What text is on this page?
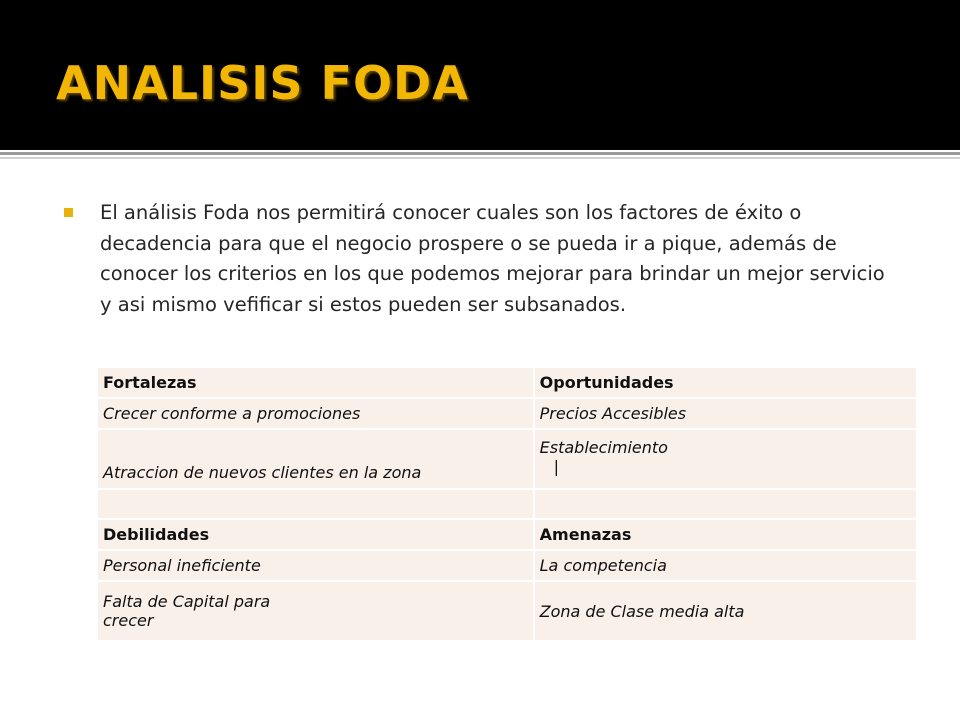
ANALISIS FODA
El análisis Foda nos permitirá conocer cuales son los factores de éxito o decadencia para que el negocio prospere o se pueda ir a pique, además de conocer los criterios en los que podemos mejorar para brindar un mejor servicio y asi mismo vefificar si estos pueden ser subsanados.
Fortalezas	Oportunidades
Crecer conforme a promociones	Precios Accesibles
Atraccion de nuevos clientes en la zona	Establecimiento
|

Debilidades	Amenazas
Personal ineficiente	La competencia

Falta de Capital para
crecer	Zona de Clase media alta
